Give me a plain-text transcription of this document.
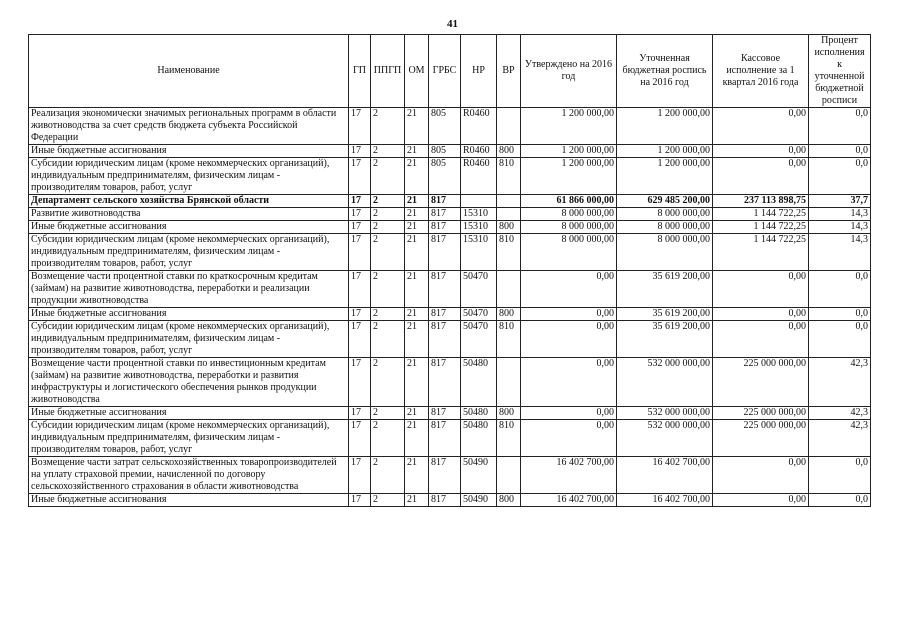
41
Наименование	ГП	ППГП	ОМ	ГРБС	НР	ВР	Утверждено на 2016 год	Уточненная бюджетная роспись на 2016 год	Кассовое исполнение за 1 квартал 2016 года	Процент исполнения к уточненной бюджетной росписи
Реализация экономически значимых региональных программ в области животноводства за счет средств бюджета субъекта Российской Федерации	17	2	21	805	R0460		1 200 000,00	1 200 000,00	0,00	0,0
Иные бюджетные ассигнования	17	2	21	805	R0460	800	1 200 000,00	1 200 000,00	0,00	0,0
Субсидии юридическим лицам (кроме некоммерческих организаций), индивидуальным предпринимателям, физическим лицам - производителям товаров, работ, услуг	17	2	21	805	R0460	810	1 200 000,00	1 200 000,00	0,00	0,0
Департамент сельского хозяйства Брянской области	17	2	21	817			61 866 000,00	629 485 200,00	237 113 898,75	37,7
Развитие животноводства	17	2	21	817	15310		8 000 000,00	8 000 000,00	1 144 722,25	14,3
Иные бюджетные ассигнования	17	2	21	817	15310	800	8 000 000,00	8 000 000,00	1 144 722,25	14,3
Субсидии юридическим лицам (кроме некоммерческих организаций), индивидуальным предпринимателям, физическим лицам - производителям товаров, работ, услуг	17	2	21	817	15310	810	8 000 000,00	8 000 000,00	1 144 722,25	14,3
Возмещение части процентной ставки по краткосрочным кредитам (займам) на развитие животноводства, переработки и реализации продукции животноводства	17	2	21	817	50470		0,00	35 619 200,00	0,00	0,0
Иные бюджетные ассигнования	17	2	21	817	50470	800	0,00	35 619 200,00	0,00	0,0
Субсидии юридическим лицам (кроме некоммерческих организаций), индивидуальным предпринимателям, физическим лицам - производителям товаров, работ, услуг	17	2	21	817	50470	810	0,00	35 619 200,00	0,00	0,0
Возмещение части процентной ставки по инвестиционным кредитам (займам) на развитие животноводства, переработки и развития инфраструктуры и логистического обеспечения рынков продукции животноводства	17	2	21	817	50480		0,00	532 000 000,00	225 000 000,00	42,3
Иные бюджетные ассигнования	17	2	21	817	50480	800	0,00	532 000 000,00	225 000 000,00	42,3
Субсидии юридическим лицам (кроме некоммерческих организаций), индивидуальным предпринимателям, физическим лицам - производителям товаров, работ, услуг	17	2	21	817	50480	810	0,00	532 000 000,00	225 000 000,00	42,3
Возмещение части затрат сельскохозяйственных товаропроизводителей на уплату страховой премии, начисленной по договору сельскохозяйственного страхования в области животноводства	17	2	21	817	50490		16 402 700,00	16 402 700,00	0,00	0,0
Иные бюджетные ассигнования	17	2	21	817	50490	800	16 402 700,00	16 402 700,00	0,00	0,0
